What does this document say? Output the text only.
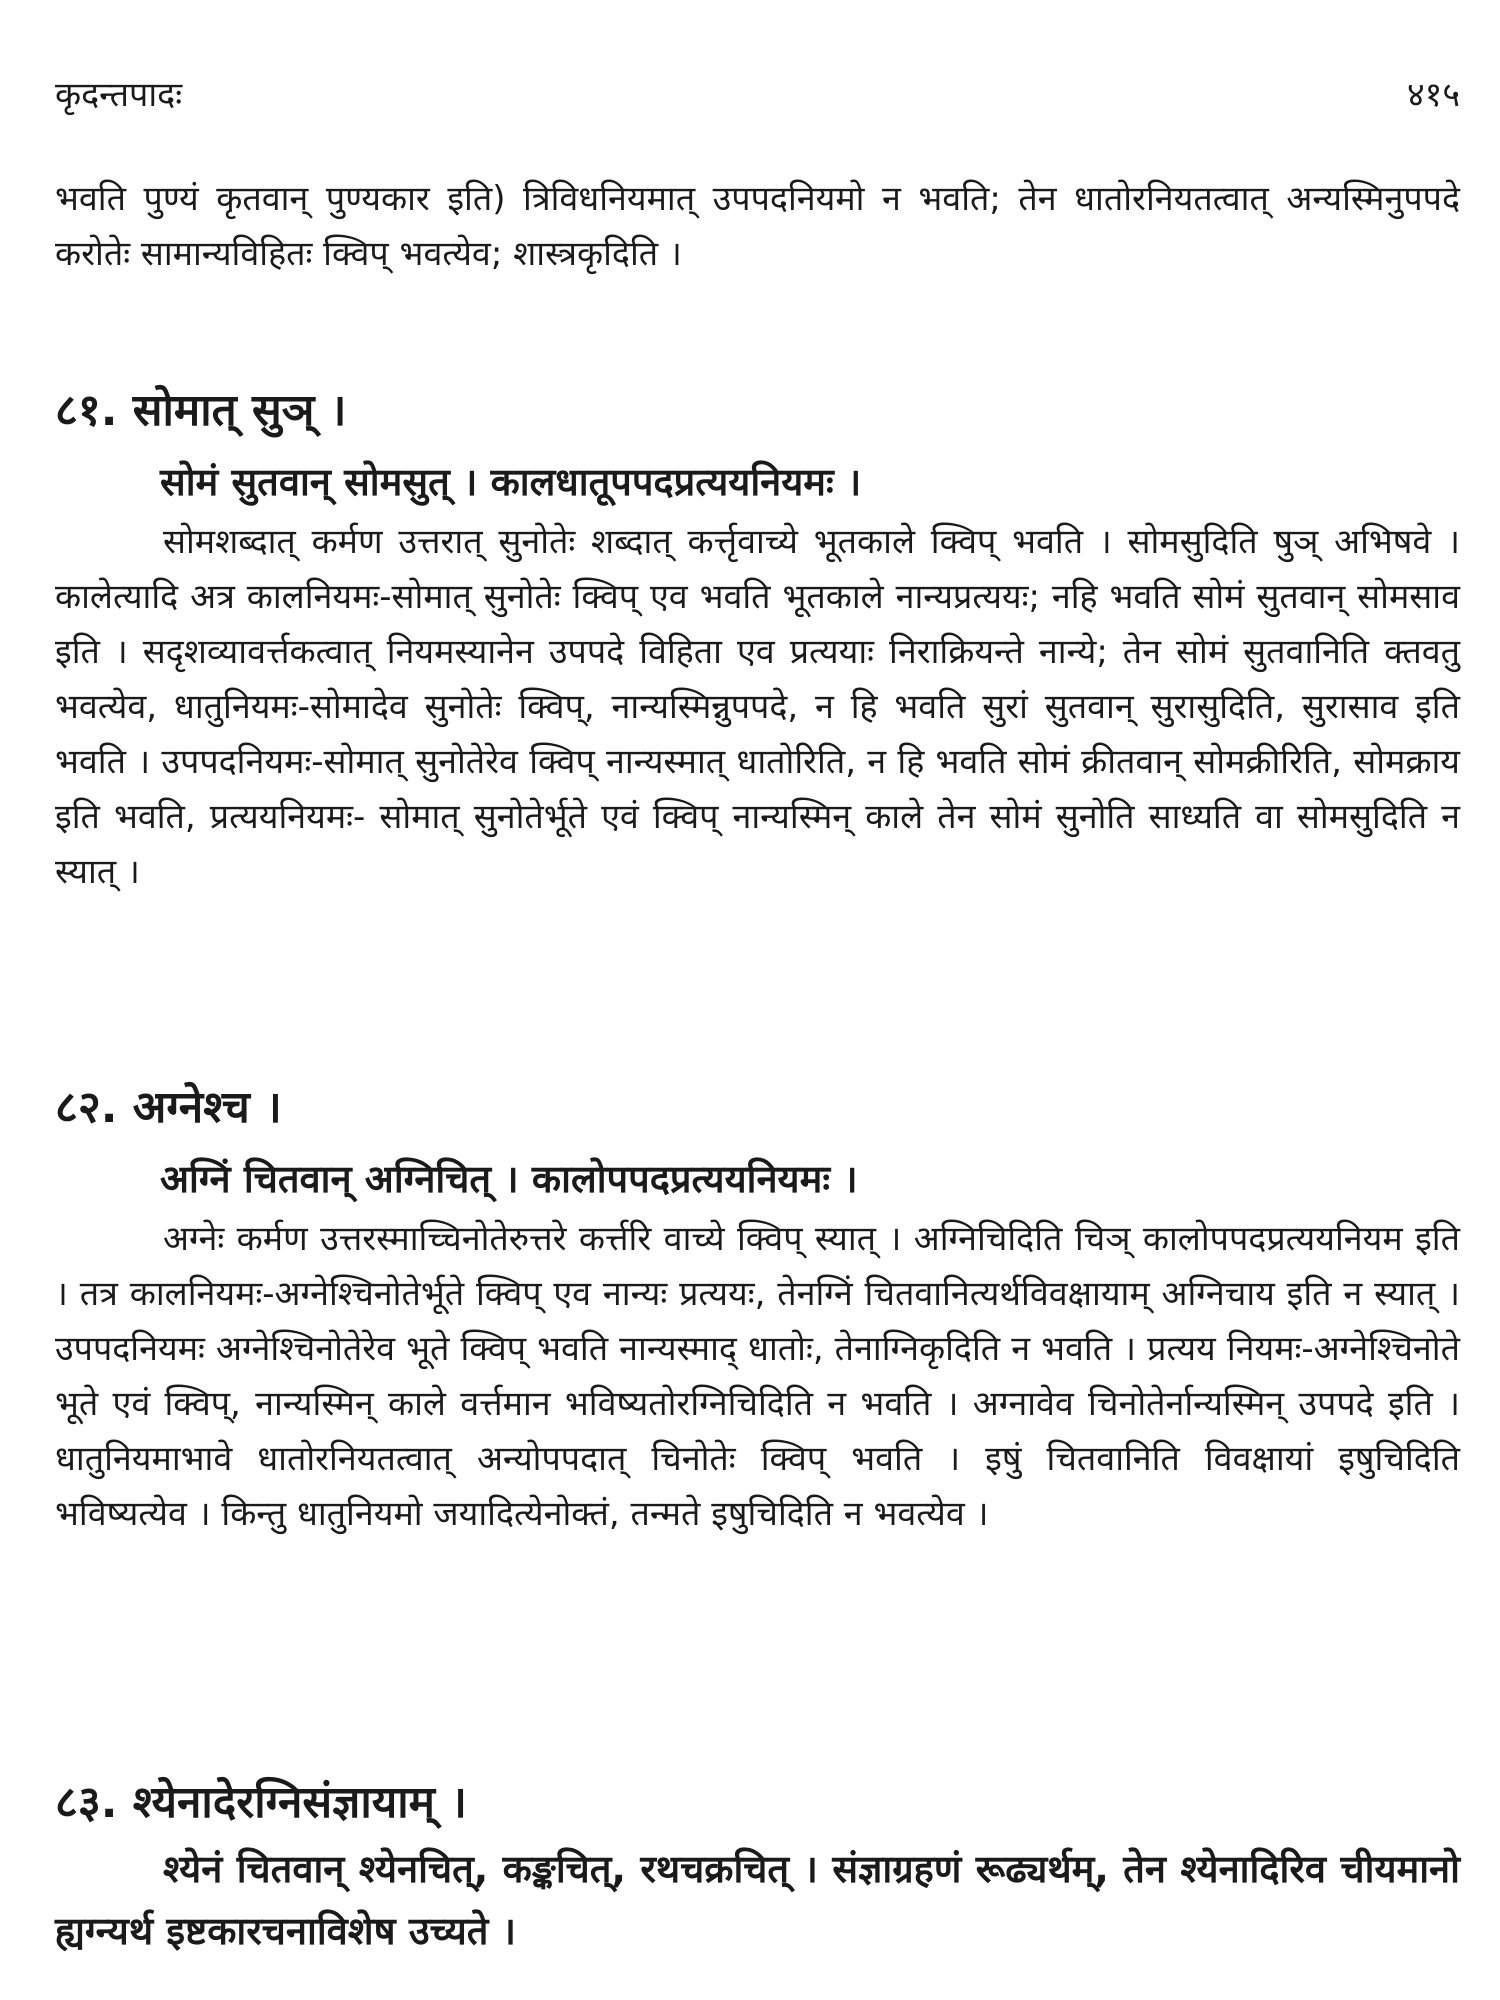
कृदन्तपादः	४१५

भवति पुण्यं कृतवान् पुण्यकार इति) त्रिविधनियमात् उपपदनियमो न भवति; तेन धातोरनियतत्वात् अन्यस्मिनुपपदे करोतेः सामान्यविहितः क्विप् भवत्येव; शास्त्रकृदिति ।

८१. सोमात् सुञ् ।
सोमं सुतवान् सोमसुत् । कालधातूपपदप्रत्ययनियमः ।

सोमशब्दात् कर्मण उत्तरात् सुनोतेः शब्दात् कर्त्तृवाच्ये भूतकाले क्विप् भवति । सोमसुदिति षुञ् अभिषवे । कालेत्यादि अत्र कालनियमः-सोमात् सुनोतेः क्विप् एव भवति भूतकाले नान्यप्रत्ययः; नहि भवति सोमं सुतवान् सोमसाव इति । सदृशव्यावर्त्तकत्वात् नियमस्यानेन उपपदे विहिता एव प्रत्ययाः निराक्रियन्ते नान्ये; तेन सोमं सुतवानिति क्तवतु भवत्येव, धातुनियमः-सोमादेव सुनोतेः क्विप्, नान्यस्मिन्नुपपदे, न हि भवति सुरां सुतवान् सुरासुदिति, सुरासाव इति भवति । उपपदनियमः-सोमात् सुनोतेरेव क्विप् नान्यस्मात् धातोरिति, न हि भवति सोमं क्रीतवान् सोमक्रीरिति, सोमक्राय इति भवति, प्रत्ययनियमः- सोमात् सुनोतेर्भूते एवं क्विप् नान्यस्मिन् काले तेन सोमं सुनोति साध्यति वा सोमसुदिति न स्यात् ।

८२. अग्नेश्च ।
अग्निं चितवान् अग्निचित् । कालोपपदप्रत्ययनियमः ।

अग्नेः कर्मण उत्तरस्माच्चिनोतेरुत्तरे कर्त्तरि वाच्ये क्विप् स्यात् । अग्निचिदिति चिञ् कालोपपदप्रत्ययनियम इति । तत्र कालनियमः-अग्नेश्चिनोतेर्भूते क्विप् एव नान्यः प्रत्ययः, तेनग्निं चितवानित्यर्थविवक्षायाम् अग्निचाय इति न स्यात् । उपपदनियमः अग्नेश्चिनोतेरेव भूते क्विप् भवति नान्यस्माद् धातोः, तेनाग्निकृदिति न भवति । प्रत्यय नियमः-अग्नेश्चिनोते भूते एवं क्विप्, नान्यस्मिन् काले वर्त्तमान भविष्यतोरग्निचिदिति न भवति । अग्नावेव चिनोतेर्नान्यस्मिन् उपपदे इति । धातुनियमाभावे धातोरनियतत्वात् अन्योपपदात् चिनोतेः क्विप् भवति । इषुं चितवानिति विवक्षायां इषुचिदिति भविष्यत्येव । किन्तु धातुनियमो जयादित्येनोक्तं, तन्मते इषुचिदिति न भवत्येव ।

८३. श्येनादेरग्निसंज्ञायाम् ।

श्येनं चितवान् श्येनचित्, कङ्कचित्, रथचक्रचित् । संज्ञाग्रहणं रूढ्यर्थम्, तेन श्येनादिरिव चीयमानो ह्यग्न्यर्थ इष्टकारचनाविशेष उच्यते ।
